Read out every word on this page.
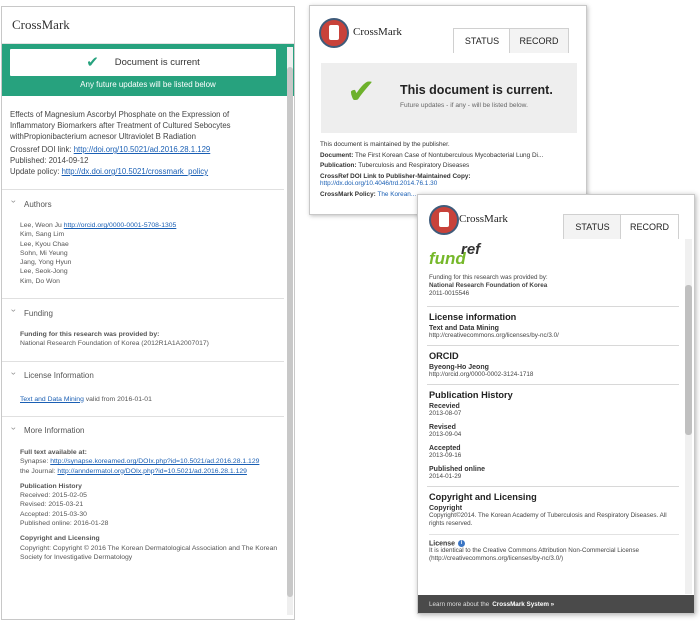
CrossMark
✔ Document is current
Any future updates will be listed below
Effects of Magnesium Ascorbyl Phosphate on the Expression of Inflammatory Biomarkers after Treatment of Cultured Sebocytes withPropionibacterium acnesor Ultraviolet B Radiation
Crossref DOI link: http://doi.org/10.5021/ad.2016.28.1.129
Published: 2014-09-12
Update policy: http://dx.doi.org/10.5021/crossmark_policy
› Authors
Lee, Weon Ju http://orcid.org/0000-0001-5708-1305
Kim, Sang Lim
Lee, Kyou Chae
Sohn, Mi Yeung
Jang, Yong Hyun
Lee, Seok-Jong
Kim, Do Won
› Funding
Funding for this research was provided by:
National Research Foundation of Korea (2012R1A1A2007017)
› License Information
Text and Data Mining valid from 2016-01-01
› More Information
Full text available at:
Synapse: http://synapse.koreamed.org/DOIx.php?id=10.5021/ad.2016.28.1.129
the Journal: http://anndermatol.org/DOIx.php?id=10.5021/ad.2016.28.1.129
Publication History
Received: 2015-02-05
Revised: 2015-03-21
Accepted: 2015-03-30
Published online: 2016-01-28
Copyright and Licensing
Copyright: Copyright © 2016 The Korean Dermatological Association and The Korean Society for Investigative Dermatology
CrossMark
STATUS	RECORD
✔ This document is current.
Future updates - if any - will be listed below.
This document is maintained by the publisher.
Document: The First Korean Case of Nontuberculous Mycobacterial Lung Di...
Publication: Tuberculosis and Respiratory Diseases
CrossRef DOI Link to Publisher-Maintained Copy:
http://dx.doi.org/10.4046/trd.2014.76.1.30
CrossMark Policy: The Korean...
CrossMark
STATUS	RECORD
fund
ref
Funding for this research was provided by:
National Research Foundation of Korea
2011-0015546
License information
Text and Data Mining
http://creativecommons.org/licenses/by-nc/3.0/
ORCID
Byeong-Ho Jeong
http://orcid.org/0000-0002-3124-1718
Publication History
Recevied
2013-08-07
Revised
2013-09-04
Accepted
2013-09-16
Published online
2014-01-29
Copyright and Licensing
Copyright
Copyright©2014. The Korean Academy of Tuberculosis and Respiratory Diseases. All rights reserved.
License i
It is identical to the Creative Commons Attribution Non-Commercial License (http://creativecommons.org/licenses/by-nc/3.0/)
Learn more about the CrossMark System »
